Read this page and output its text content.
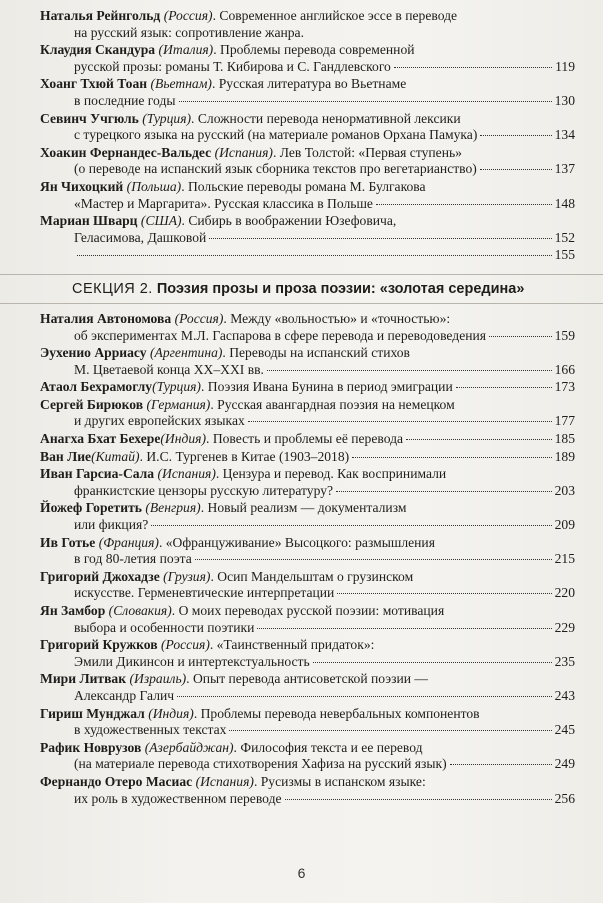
Наталья Рейнгольд (Россия). Современное английское эссе в переводе
на русский язык: сопротивление жанра.
Клаудия Скандура (Италия). Проблемы перевода современной
русской прозы: романы Т. Кибирова и С. Гандлевского	119
Хоанг Тхюй Тоан (Вьетнам). Русская литература во Вьетнаме
в последние годы	130
Севинч Учгюль (Турция). Сложности перевода ненормативной лексики
с турецкого языка на русский (на материале романов Орхана Памука)	134
Хоакин Фернандес-Вальдес (Испания). Лев Толстой: «Первая ступень»
(о переводе на испанский язык сборника текстов про вегетарианство)	137
Ян Чихоцкий (Польша). Польские переводы романа М. Булгакова
«Мастер и Маргарита». Русская классика в Польше	148
Мариан Шварц (США). Сибирь в воображении Юзефовича,
Геласимова, Дашковой	152
155
СЕКЦИЯ 2. Поэзия прозы и проза поэзии: «золотая середина»
Наталия Автономова (Россия). Между «вольностью» и «точностью»:
об экспериментах М.Л. Гаспарова в сфере перевода и переводоведения	159
Эухенио Арриасу (Аргентина). Переводы на испанский стихов
М. Цветаевой конца XX–XXI вв.	166
Атаол Бехрамоглу (Турция) . Поэзия Ивана Бунина в период эмиграции	173
Сергей Бирюков (Германия). Русская авангардная поэзия на немецком
и других европейских языках	177
Анагха Бхат Бехере (Индия) . Повесть и проблемы её перевода	185
Ван Лие (Китай) . И.С. Тургенев в Китае (1903–2018)	189
Иван Гарсиа-Сала (Испания). Цензура и перевод. Как воспринимали
франкистские цензоры русскую литературу?	203
Йожеф Горетить (Венгрия). Новый реализм — документализм
или фикция?	209
Ив Готье (Франция). «Офранцуживание» Высоцкого: размышления
в год 80-летия поэта	215
Григорий Джохадзе (Грузия). Осип Мандельштам о грузинском
искусстве. Герменевтические интерпретации	220
Ян Замбор (Словакия). О моих переводах русской поэзии: мотивация
выбора и особенности поэтики	229
Григорий Кружков (Россия). «Таинственный придаток»:
Эмили Дикинсон и интертекстуальность	235
Мири Литвак (Израиль). Опыт перевода антисоветской поэзии —
Александр Галич	243
Гириш Мунджал (Индия). Проблемы перевода невербальных компонентов
в художественных текстах	245
Рафик Новрузов (Азербайджан). Философия текста и ее перевод
(на материале перевода стихотворения Хафиза на русский язык)	249
Фернандо Отеро Масиас (Испания). Русизмы в испанском языке:
их роль в художественном переводе	256
6
